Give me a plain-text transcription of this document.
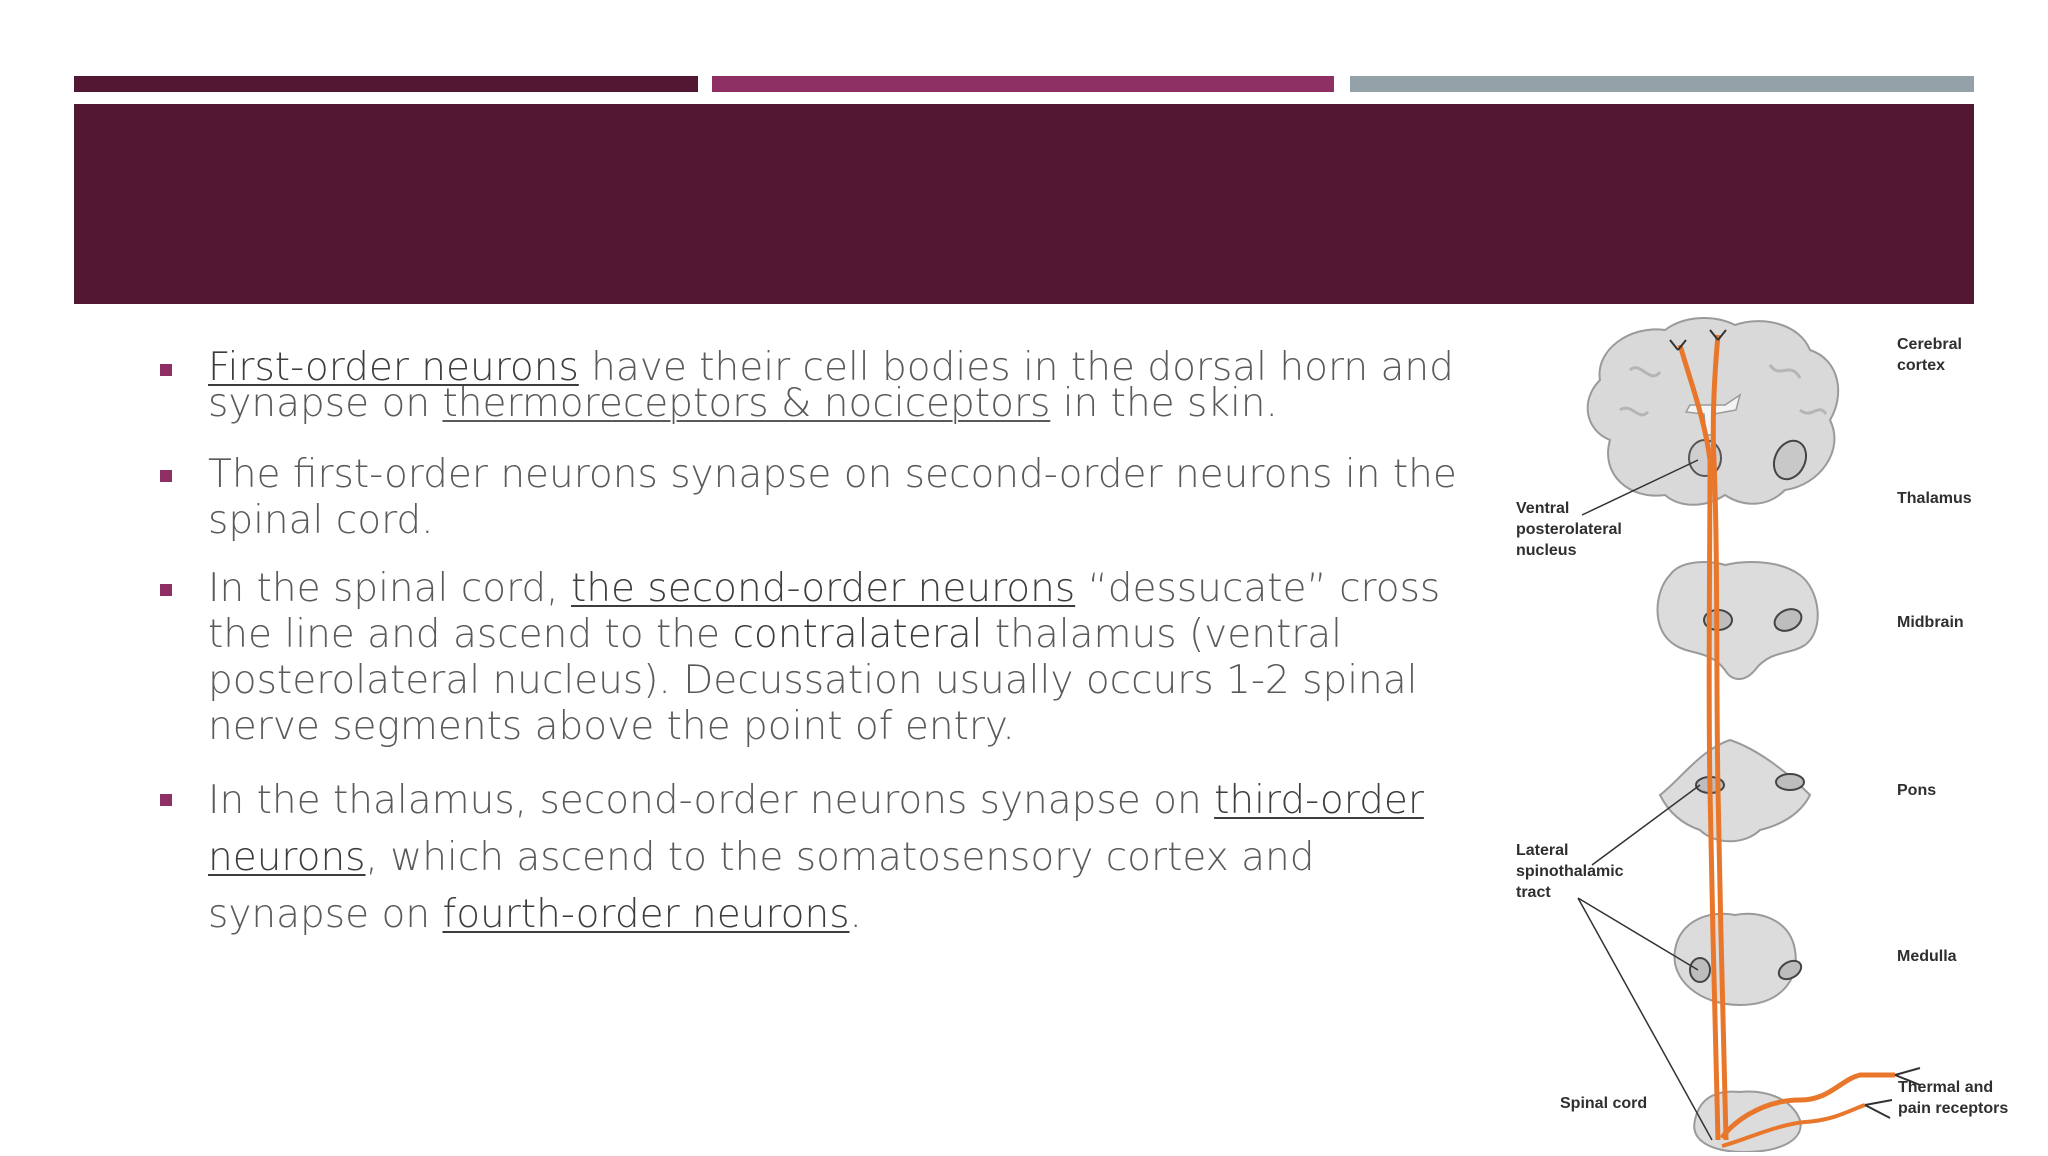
First-order neurons have their cell bodies in the dorsal horn and synapse on thermoreceptors & nociceptors in the skin.
The first-order neurons synapse on second-order neurons in the spinal cord.
In the spinal cord, the second-order neurons “dessucate” cross the line and ascend to the contralateral thalamus (ventral posterolateral nucleus). Decussation usually occurs 1-2 spinal nerve segments above the point of entry.
In the thalamus, second-order neurons synapse on third-order neurons, which ascend to the somatosensory cortex and synapse on fourth-order neurons.
Cerebral
cortex
Thalamus
Ventral
posterolateral
nucleus
Midbrain
Pons
Lateral
spinothalamic
tract
Medulla
Spinal cord
Thermal and
pain receptors
